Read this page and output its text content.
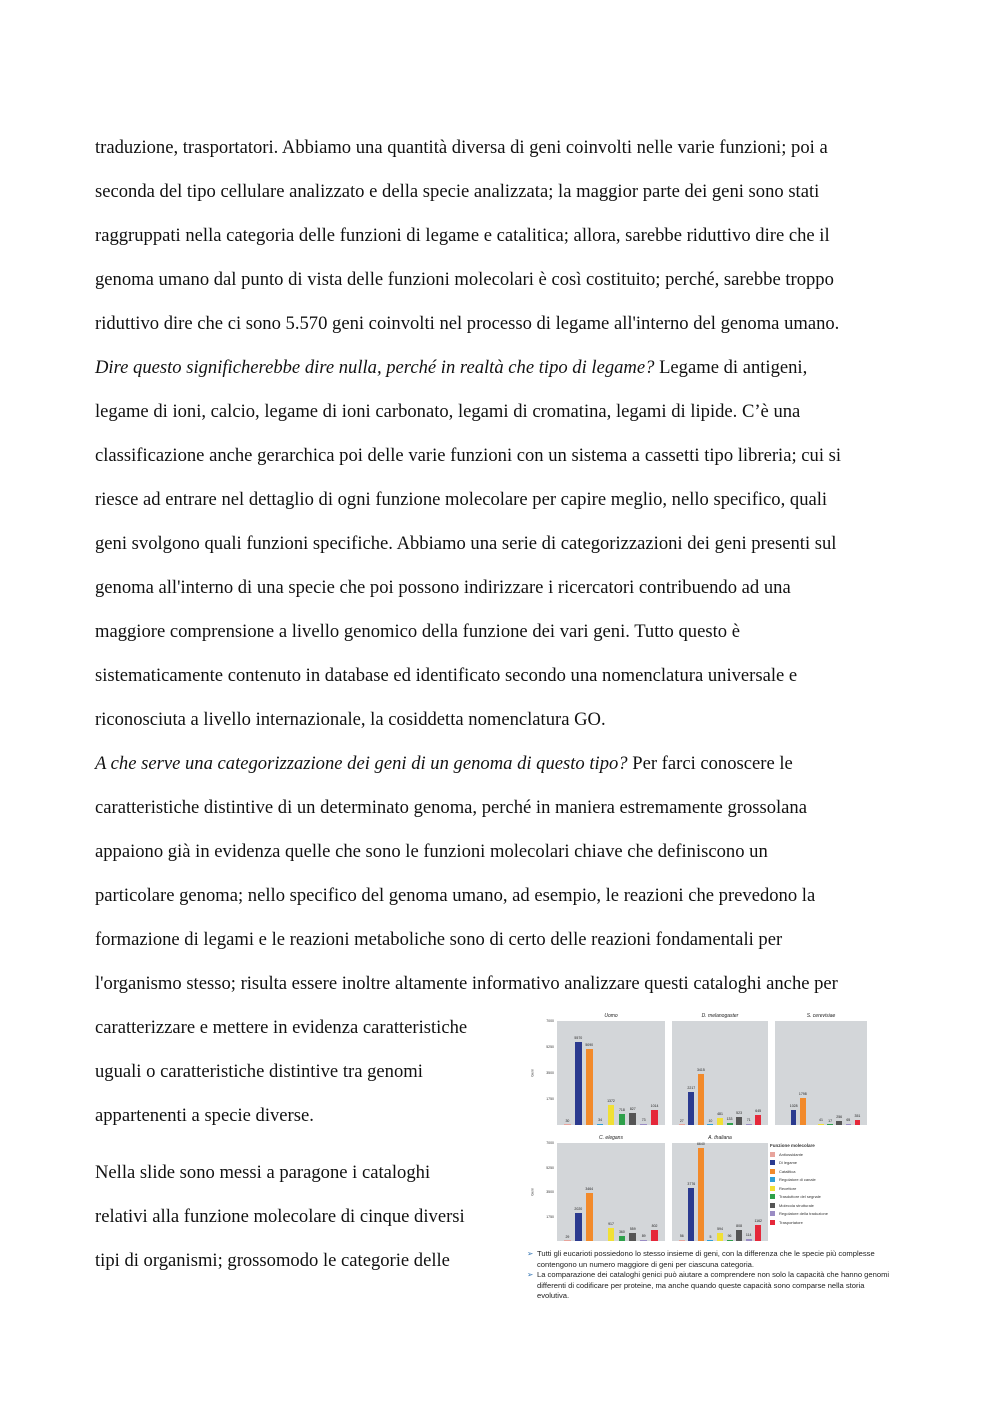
traduzione, trasportatori. Abbiamo una quantità diversa di geni coinvolti nelle varie funzioni; poi a
seconda del tipo cellulare analizzato e della specie analizzata; la maggior parte dei geni sono stati
raggruppati nella categoria delle funzioni di legame e catalitica; allora, sarebbe riduttivo dire che il
genoma umano dal punto di vista delle funzioni molecolari è così costituito; perché, sarebbe troppo
riduttivo dire che ci sono 5.570 geni coinvolti nel processo di legame all'interno del genoma umano.
Dire questo significherebbe dire nulla, perché in realtà che tipo di legame? Legame di antigeni,
legame di ioni, calcio, legame di ioni carbonato, legami di cromatina, legami di lipide. C’è una
classificazione anche gerarchica poi delle varie funzioni con un sistema a cassetti tipo libreria; cui si
riesce ad entrare nel dettaglio di ogni funzione molecolare per capire meglio, nello specifico, quali
geni svolgono quali funzioni specifiche. Abbiamo una serie di categorizzazioni dei geni presenti sul
genoma all'interno di una specie che poi possono indirizzare i ricercatori contribuendo ad una
maggiore comprensione a livello genomico della funzione dei vari geni. Tutto questo è
sistematicamente contenuto in database ed identificato secondo una nomenclatura universale e
riconosciuta a livello internazionale, la cosiddetta nomenclatura GO.
A che serve una categorizzazione dei geni di un genoma di questo tipo? Per farci conoscere le
caratteristiche distintive di un determinato genoma, perché in maniera estremamente grossolana
appaiono già in evidenza quelle che sono le funzioni molecolari chiave che definiscono un
particolare genoma; nello specifico del genoma umano, ad esempio, le reazioni che prevedono la
formazione di legami e le reazioni metaboliche sono di certo delle reazioni fondamentali per
l'organismo stesso; risulta essere inoltre altamente informativo analizzare questi cataloghi anche per
caratterizzare e mettere in evidenza caratteristiche
uguali o caratteristiche distintive tra genomi
appartenenti a specie diverse.
Nella slide sono messi a paragone i cataloghi
relativi alla funzione molecolare di cinque diversi
tipi di organismi; grossomodo le categorie delle
Funzione molecolare
Antiossidante
Di legame
Catalitica
Regolatore di canale
Recettore
Trasduttore del segnale
Molecola strutturale
Regolatore della traduzione
Trasportatore
➢ Tutti gli eucarioti possiedono lo stesso insieme di geni, con la differenza che le specie più complesse contengono un numero maggiore di geni per ciascuna categoria.
➢ La comparazione dei cataloghi genici può aiutare a comprendere non solo la capacità che hanno genomi differenti di codificare per proteine, ma anche quando queste capacità sono comparse nella storia evolutiva.
Uomo
30
5570
5090
34
1372
718	827
73
1014
7000
5250
3500
1750
Geni
D. melanogaster
27
2217
3415
10
481
133
523
71
645
S. cerevisiae
1028
1798
41	17
256
65
351
C. elegans
29
2020
3464
917
360
559
89
802
7000
5250
3500
1750
Geni
A. thaliana
56
3776
6640
5
594
96
808
114
1162
